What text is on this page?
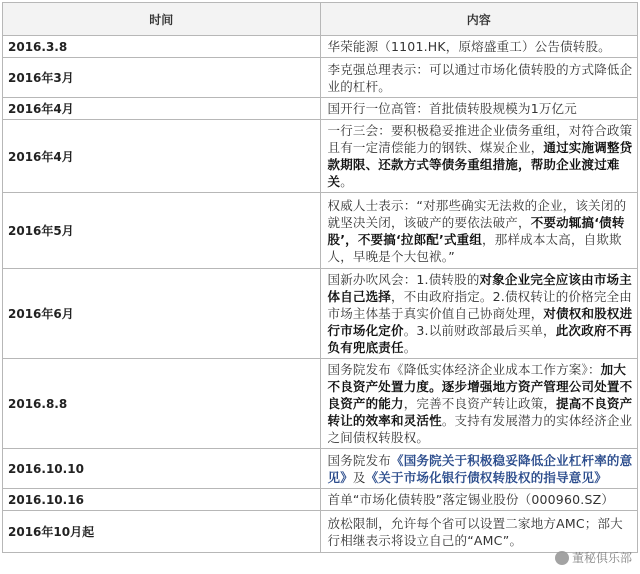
时间	内容
2016.3.8	华荣能源（1101.HK，原熔盛重工）公告债转股。
2016年3月	李克强总理表示：可以通过市场化债转股的方式降低企业的杠杆。
2016年4月	国开行一位高管：首批债转股规模为1万亿元
2016年4月	一行三会：要积极稳妥推进企业债务重组，对符合政策且有一定清偿能力的钢铁、煤炭企业，通过实施调整贷款期限、还款方式等债务重组措施，帮助企业渡过难关。
2016年5月	权威人士表示：“对那些确实无法救的企业，该关闭的就坚决关闭，该破产的要依法破产，不要动辄搞‘债转股’，不要搞‘拉郎配’式重组，那样成本太高，自欺欺人，早晚是个大包袱。”
2016年6月	国新办吹风会：1.债转股的对象企业完全应该由市场主体自己选择，不由政府指定。2.债权转让的价格完全由市场主体基于真实价值自己协商处理，对债权和股权进行市场化定价。3.以前财政部最后买单，此次政府不再负有兜底责任。
2016.8.8	国务院发布《降低实体经济企业成本工作方案》：加大不良资产处置力度。逐步增强地方资产管理公司处置不良资产的能力，完善不良资产转让政策，提高不良资产转让的效率和灵活性。支持有发展潜力的实体经济企业之间债权转股权。
2016.10.10	国务院发布《国务院关于积极稳妥降低企业杠杆率的意见》及《关于市场化银行债权转股权的指导意见》
2016.10.16	首单“市场化债转股”落定锡业股份（000960.SZ）
2016年10月起	放松限制，允许每个省可以设置二家地方AMC；部大行相继表示将设立自己的“AMC”。
董秘俱乐部
